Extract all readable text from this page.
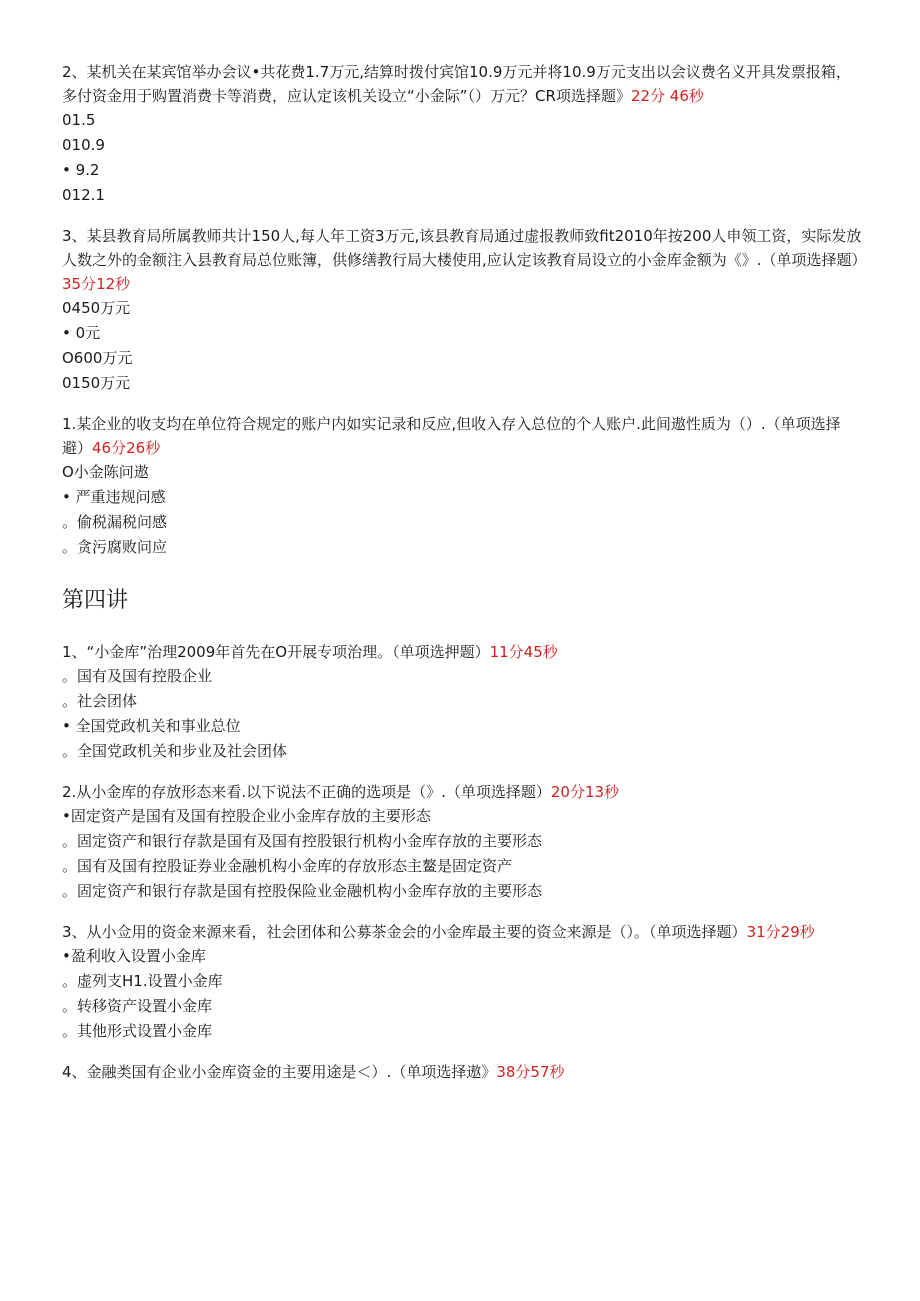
2、某机关在某宾馆举办会议•共花费1.7万元,结算时拨付宾馆10.9万元并将10.9万元支出以会议费名义开具发票报箱，多付资金用于购置消费卡等消费，应认定该机关设立“小金际”（）万元？CR项选择题》22分 46秒

01.5

010.9

• 9.2

012.1

3、某县教育局所属教师共计150人,每人年工资3万元,该县教育局通过虚报教师致fit2010年按200人申领工资，实际发放人数之外的金额注入县教育局总位账簿，供修缮教行局大楼使用,应认定该教育局设立的小金库金额为《》.（单项选择题）35分12秒

0450万元

• 0元

O600万元

0150万元

1.某企业的收支均在单位符合规定的账户内如实记录和反应,但收入存入总位的个人账户.此间遨性质为（）.（单项选择避）46分26秒

O小金陈问遨

• 严重违规问感

。偷税漏税问感

。贪污腐败问应

第四讲

1、“小金库”治理2009年首先在O开展专项治理。（单项选押题）11分45秒

。国有及国有控股企业

。社会团体

• 全国党政机关和事业总位

。全国党政机关和步业及社会团体

2.从小金库的存放形态来看.以下说法不正确的选项是（》.（单项选择题）20分13秒

•固定资产是国有及国有控股企业小金库存放的主要形态

。固定资产和银行存款是国有及国有控股银行机构小金库存放的主要形态

。国有及国有控股证券业金融机构小金库的存放形态主鳌是固定资产

。固定资产和银行存款是国有控股保险业金融机构小金库存放的主要形态

3、从小佥用的资金来源来看，社会团体和公募茶金会的小金库最主要的资佥来源是（）。（单项选择题）31分29秒

•盈利收入设置小金库

。虚列支H1.设置小金库

。转移资产设置小金库

。其他形式设置小金库

4、金融类国有企业小金库资金的主要用途是＜）.（单项选择遨》38分57秒
